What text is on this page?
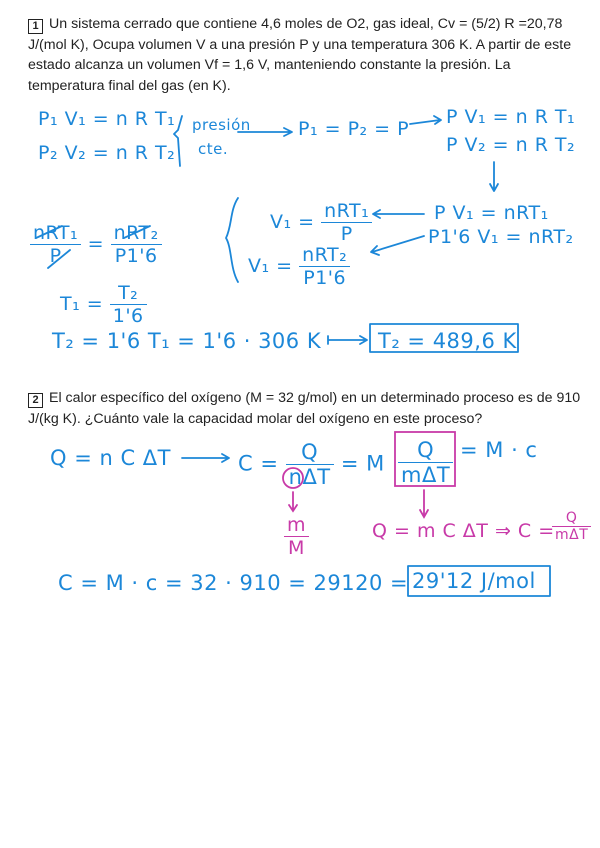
1 Un sistema cerrado que contiene 4,6 moles de O2, gas ideal, Cv = (5/2) R =20,78 J/(mol K), Ocupa volumen V a una presión P y una temperatura 306 K. A partir de este estado alcanza un volumen Vf = 1,6 V, manteniendo constante la presión. La temperatura final del gas (en K).
2 El calor específico del oxígeno (M = 32 g/mol) en un determinado proceso es de 910 J/(kg K). ¿Cuánto vale la capacidad molar del oxígeno en este proceso?
P₁ V₁ = n R T₁
P₂ V₂ = n R T₂
presión
cte.
P₁ = P₂ = P
P V₁ = n R T₁
P V₂ = n R T₂
$\frac{\text{nRT₁}}{P} = \frac{\text{nRT₂}}{P1'6}$
$T_1 = \frac{\text{T₂}}{1'6}$
$V_1 = \frac{\text{nRT₁}}{P}$
$V_1 = \frac{\text{nRT₂}}{P1'6}$
P V₁ = nRT₁
P1'6 V₁ = nRT₂
T₂ = 1'6 T₁ = 1'6 · 306 K	T₂ = 489,6 K
Q = n C ΔT	$C = \frac{Q}{\text{nΔT}} = M \frac{Q}{\text{mΔT}} = M \cdot c$
$\frac{m}{M}$	Q = m C ΔT ⇒ C =
$\frac{Q}{\text{mΔT}}$
C = M · c = 32 · 910 = 29120 = 29'12 J/mol
